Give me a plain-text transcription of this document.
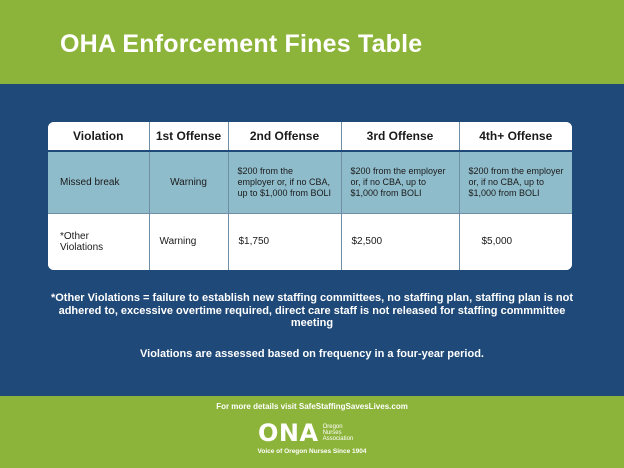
OHA Enforcement Fines Table
Violation	1st Offense	2nd Offense	3rd Offense	4th+ Offense
Missed break	Warning	$200 from the employer or, if no CBA, up to $1,000 from BOLI	$200 from the employer or, if no CBA, up to $1,000 from BOLI	$200 from the employer or, if no CBA, up to $1,000 from BOLI

*Other Violations	Warning	$1,750	$2,500	$5,000
*Other Violations = failure to establish new staffing committees, no staffing plan, staffing plan is not adhered to, excessive overtime required, direct care staff is not released for staffing commmittee meeting
Violations are assessed based on frequency in a four-year period.
For more details visit SafeStaffingSavesLives.com
ONA Oregon
Nurses
Association
Voice of Oregon Nurses Since 1904
